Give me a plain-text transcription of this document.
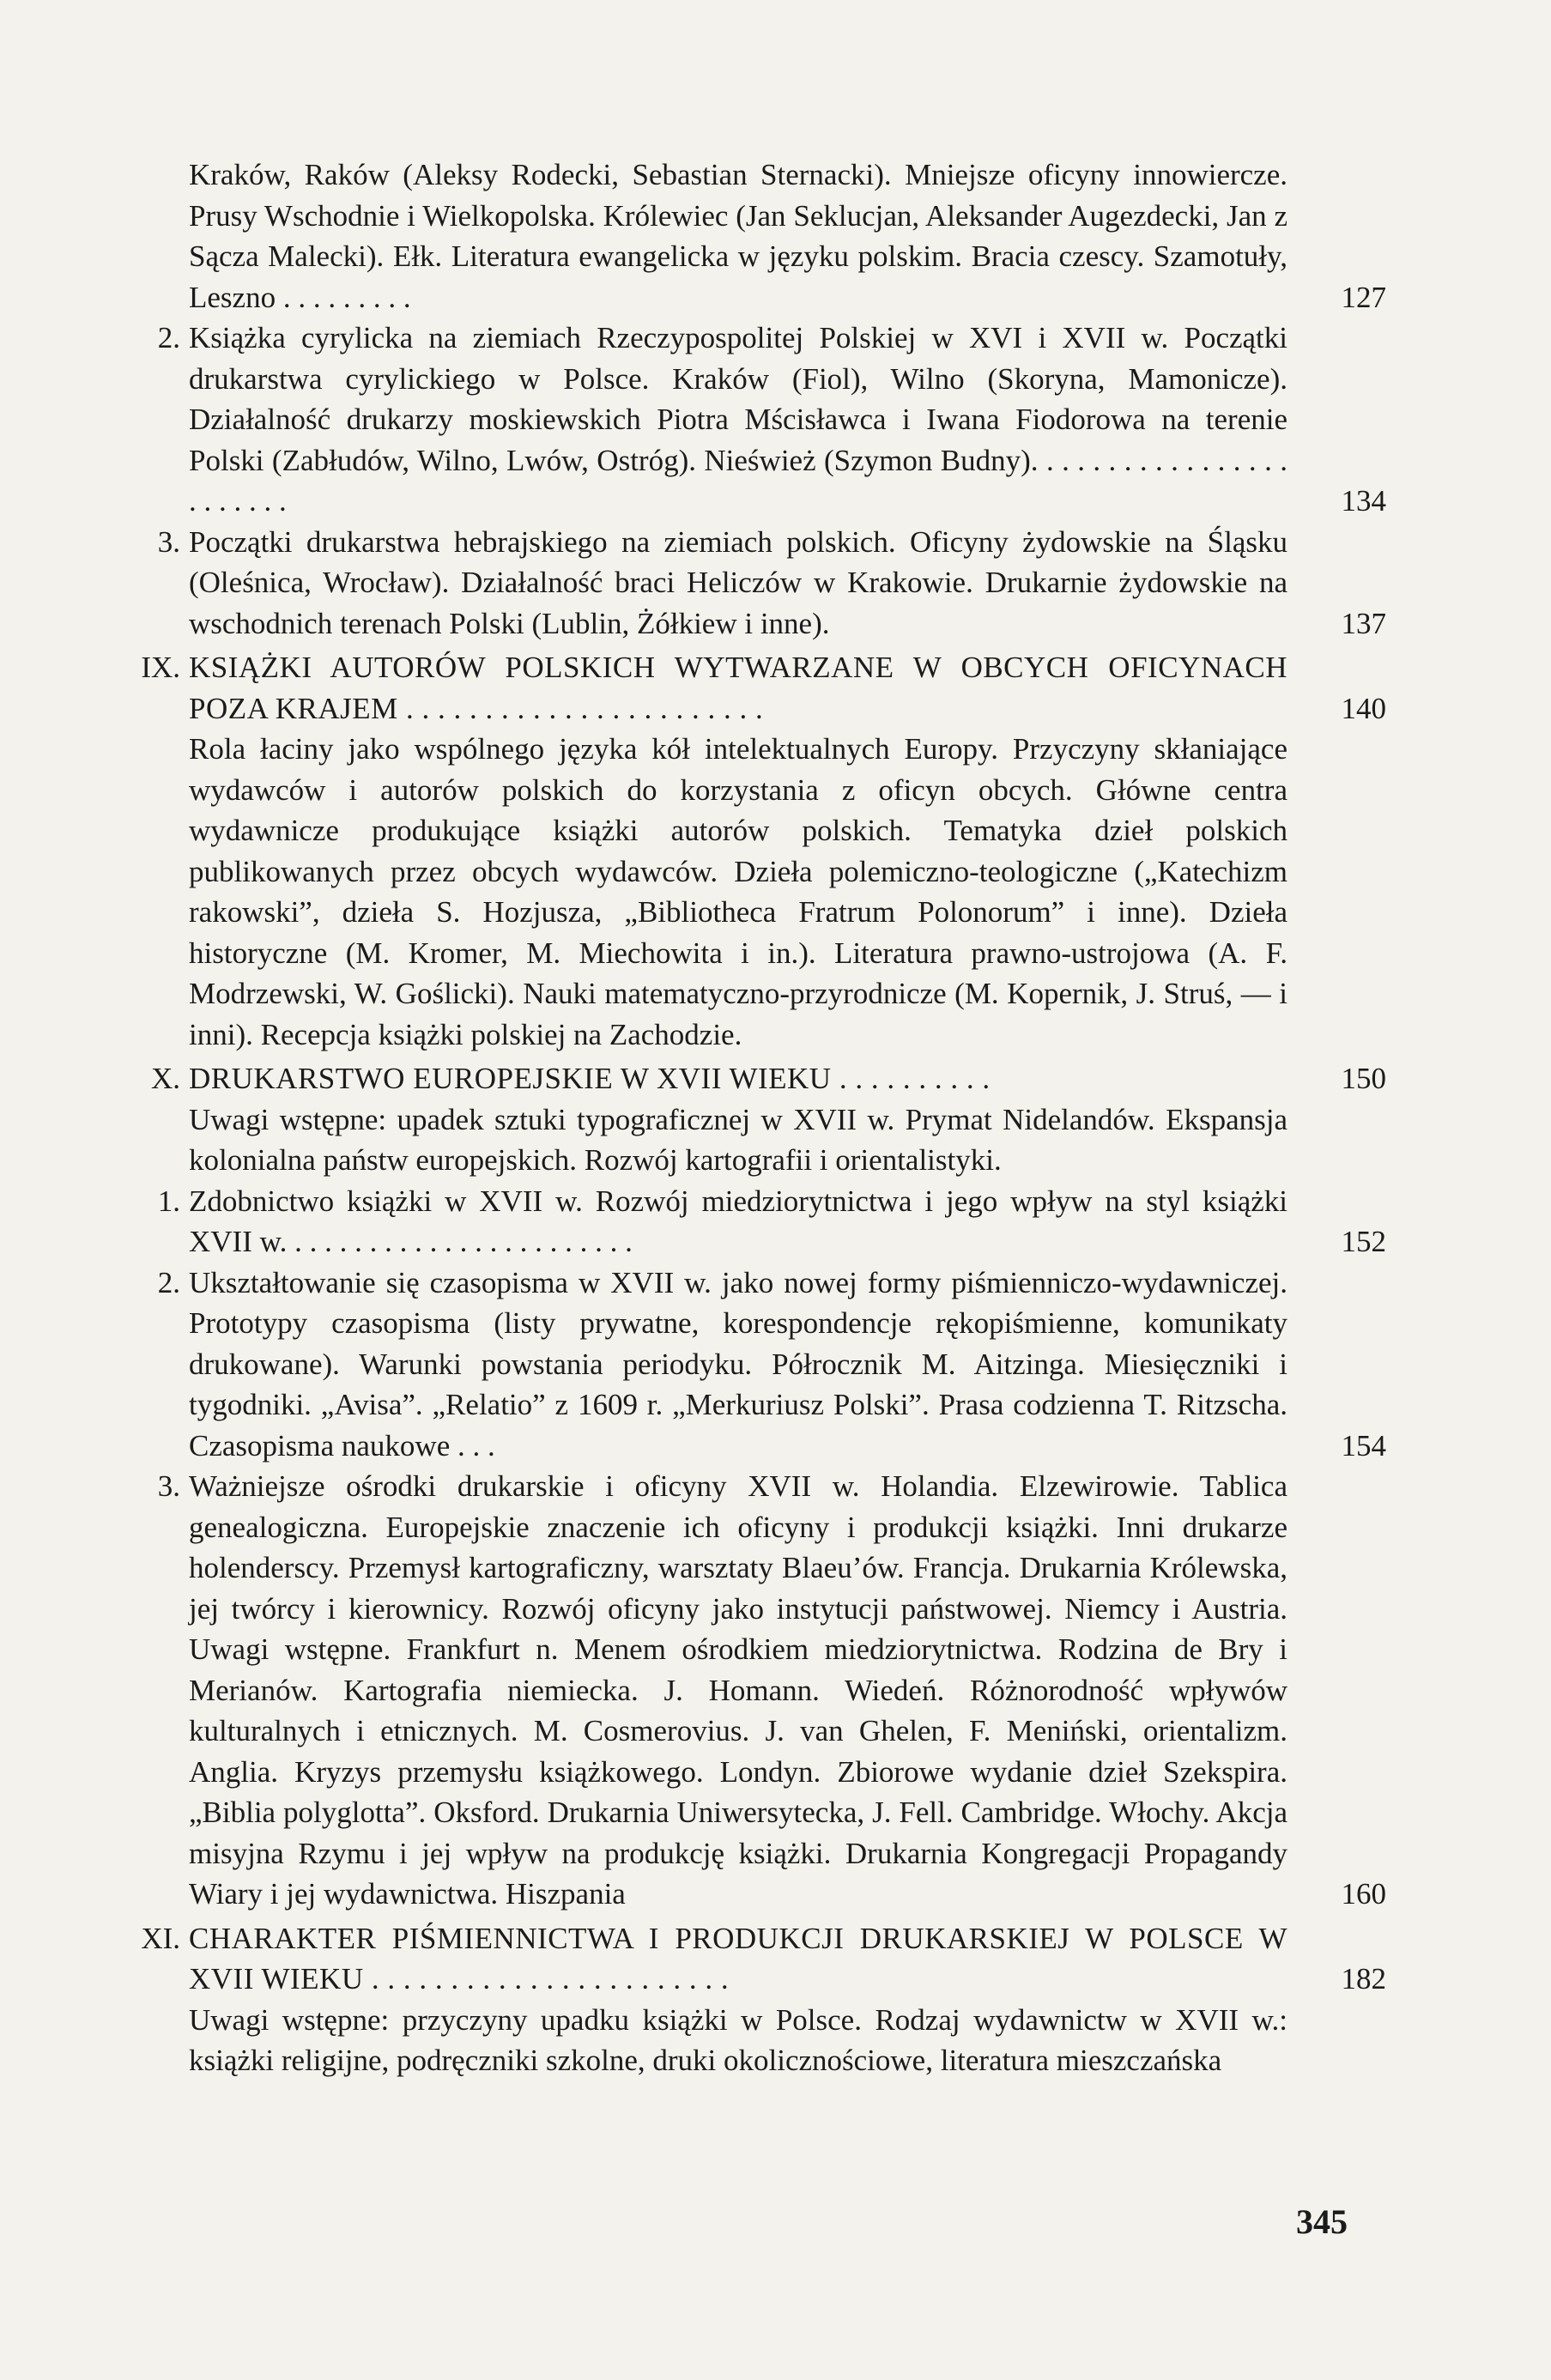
Kraków, Raków (Aleksy Rodecki, Sebastian Sternacki). Mniejsze oficyny innowiercze. Prusy Wschodnie i Wielkopolska. Królewiec (Jan Seklucjan, Aleksander Augezdecki, Jan z Sącza Malecki). Ełk. Literatura ewangelicka w języku polskim. Bracia czescy. Szamotuły, Leszno . . . . . . . . .	127
2. Książka cyrylicka na ziemiach Rzeczypospolitej Polskiej w XVI i XVII w. Początki drukarstwa cyrylickiego w Polsce. Kraków (Fiol), Wilno (Skoryna, Mamonicze). Działalność drukarzy moskiewskich Piotra Mścisławca i Iwana Fiodorowa na terenie Polski (Zabłudów, Wilno, Lwów, Ostróg). Nieśwież (Szymon Budny). . . . . . . . . . . . . . . . . . . . . . . .	134
3. Początki drukarstwa hebrajskiego na ziemiach polskich. Oficyny żydowskie na Śląsku (Oleśnica, Wrocław). Działalność braci Heliczów w Krakowie. Drukarnie żydowskie na wschodnich terenach Polski (Lublin, Żółkiew i inne).	137
IX. KSIĄŻKI AUTORÓW POLSKICH WYTWARZANE W OBCYCH OFICYNACH POZA KRAJEM . . . . . . . . . . . . . . . . . . . . . . .	140
Rola łaciny jako wspólnego języka kół intelektualnych Europy. Przyczyny skłaniające wydawców i autorów polskich do korzystania z oficyn obcych. Główne centra wydawnicze produkujące książki autorów polskich. Tematyka dzieł polskich publikowanych przez obcych wydawców. Dzieła polemiczno-teologiczne („Katechizm rakowski”, dzieła S. Hozjusza, „Bibliotheca Fratrum Polonorum” i inne). Dzieła historyczne (M. Kromer, M. Miechowita i in.). Literatura prawno-ustrojowa (A. F. Modrzewski, W. Goślicki). Nauki matematyczno-przyrodnicze (M. Kopernik, J. Struś, — i inni). Recepcja książki polskiej na Zachodzie.
X. DRUKARSTWO EUROPEJSKIE W XVII WIEKU . . . . . . . . . .	150
Uwagi wstępne: upadek sztuki typograficznej w XVII w. Prymat Nidelandów. Ekspansja kolonialna państw europejskich. Rozwój kartografii i orientalistyki.
1. Zdobnictwo książki w XVII w. Rozwój miedziorytnictwa i jego wpływ na styl książki XVII w. . . . . . . . . . . . . . . . . . . . . . . .	152
2. Ukształtowanie się czasopisma w XVII w. jako nowej formy piśmienniczo-wydawniczej. Prototypy czasopisma (listy prywatne, korespondencje rękopiśmienne, komunikaty drukowane). Warunki powstania periodyku. Półrocznik M. Aitzinga. Miesięczniki i tygodniki. „Avisa”. „Relatio” z 1609 r. „Merkuriusz Polski”. Prasa codzienna T. Ritzscha. Czasopisma naukowe . . .	154
3. Ważniejsze ośrodki drukarskie i oficyny XVII w. Holandia. Elzewirowie. Tablica genealogiczna. Europejskie znaczenie ich oficyny i produkcji książki. Inni drukarze holenderscy. Przemysł kartograficzny, warsztaty Blaeu’ów. Francja. Drukarnia Królewska, jej twórcy i kierownicy. Rozwój oficyny jako instytucji państwowej. Niemcy i Austria. Uwagi wstępne. Frankfurt n. Menem ośrodkiem miedziorytnictwa. Rodzina de Bry i Merianów. Kartografia niemiecka. J. Homann. Wiedeń. Różnorodność wpływów kulturalnych i etnicznych. M. Cosmerovius. J. van Ghelen, F. Meniński, orientalizm. Anglia. Kryzys przemysłu książkowego. Londyn. Zbiorowe wydanie dzieł Szekspira. „Biblia polyglotta”. Oksford. Drukarnia Uniwersytecka, J. Fell. Cambridge. Włochy. Akcja misyjna Rzymu i jej wpływ na produkcję książki. Drukarnia Kongregacji Propagandy Wiary i jej wydawnictwa. Hiszpania	160
XI. CHARAKTER PIŚMIENNICTWA I PRODUKCJI DRUKARSKIEJ W POLSCE W XVII WIEKU . . . . . . . . . . . . . . . . . . . . . . .	182
Uwagi wstępne: przyczyny upadku książki w Polsce. Rodzaj wydawnictw w XVII w.: książki religijne, podręczniki szkolne, druki okolicznościowe, literatura mieszczańska
345
